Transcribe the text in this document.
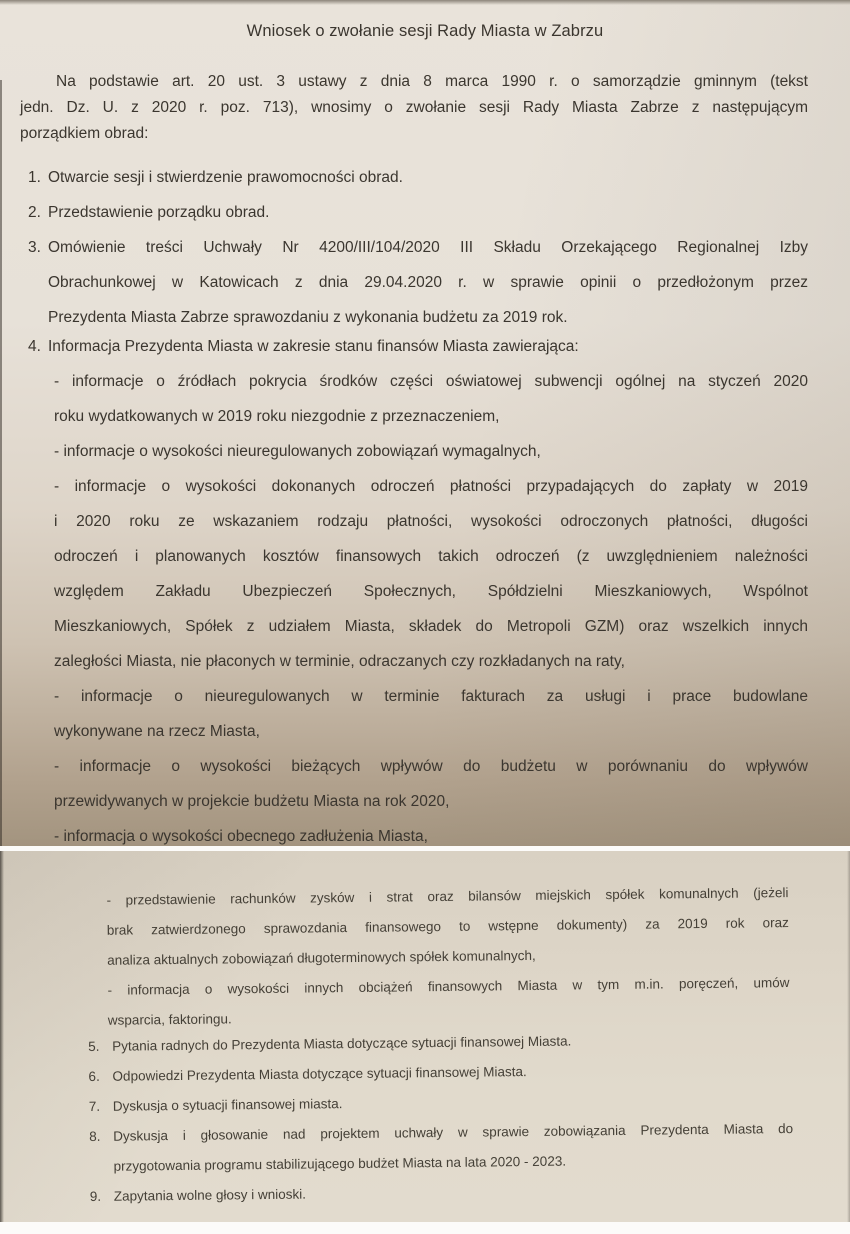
Wniosek o zwołanie sesji Rady Miasta w Zabrzu
Na podstawie art. 20 ust. 3 ustawy z dnia 8 marca 1990 r. o samorządzie gminnym (tekst
jedn. Dz. U. z 2020 r. poz. 713), wnosimy o zwołanie sesji Rady Miasta Zabrze z następującym
porządkiem obrad:
1. Otwarcie sesji i stwierdzenie prawomocności obrad.
2. Przedstawienie porządku obrad.
3. Omówienie treści Uchwały Nr 4200/III/104/2020 III Składu Orzekającego Regionalnej Izby
Obrachunkowej w Katowicach z dnia 29.04.2020 r. w sprawie opinii o przedłożonym przez
Prezydenta Miasta Zabrze sprawozdaniu z wykonania budżetu za 2019 rok.
4. Informacja Prezydenta Miasta w zakresie stanu finansów Miasta zawierająca:
- informacje o źródłach pokrycia środków części oświatowej subwencji ogólnej na styczeń 2020
roku wydatkowanych w 2019 roku niezgodnie z przeznaczeniem,
- informacje o wysokości nieuregulowanych zobowiązań wymagalnych,
- informacje o wysokości dokonanych odroczeń płatności przypadających do zapłaty w 2019
i 2020 roku ze wskazaniem rodzaju płatności, wysokości odroczonych płatności, długości
odroczeń i planowanych kosztów finansowych takich odroczeń (z uwzględnieniem należności
względem Zakładu Ubezpieczeń Społecznych, Spółdzielni Mieszkaniowych, Wspólnot
Mieszkaniowych, Spółek z udziałem Miasta, składek do Metropoli GZM) oraz wszelkich innych
zaległości Miasta, nie płaconych w terminie, odraczanych czy rozkładanych na raty,
- informacje o nieuregulowanych w terminie fakturach za usługi i prace budowlane
wykonywane na rzecz Miasta,
- informacje o wysokości bieżących wpływów do budżetu w porównaniu do wpływów
przewidywanych w projekcie budżetu Miasta na rok 2020,
- informacja o wysokości obecnego zadłużenia Miasta,
- przedstawienie rachunków zysków i strat oraz bilansów miejskich spółek komunalnych (jeżeli
brak zatwierdzonego sprawozdania finansowego to wstępne dokumenty) za 2019 rok oraz
analiza aktualnych zobowiązań długoterminowych spółek komunalnych,
- informacja o wysokości innych obciążeń finansowych Miasta w tym m.in. poręczeń, umów
wsparcia, faktoringu.
5. Pytania radnych do Prezydenta Miasta dotyczące sytuacji finansowej Miasta.
6. Odpowiedzi Prezydenta Miasta dotyczące sytuacji finansowej Miasta.
7. Dyskusja o sytuacji finansowej miasta.
8. Dyskusja i głosowanie nad projektem uchwały w sprawie zobowiązania Prezydenta Miasta do
przygotowania programu stabilizującego budżet Miasta na lata 2020 - 2023.
9. Zapytania wolne głosy i wnioski.
